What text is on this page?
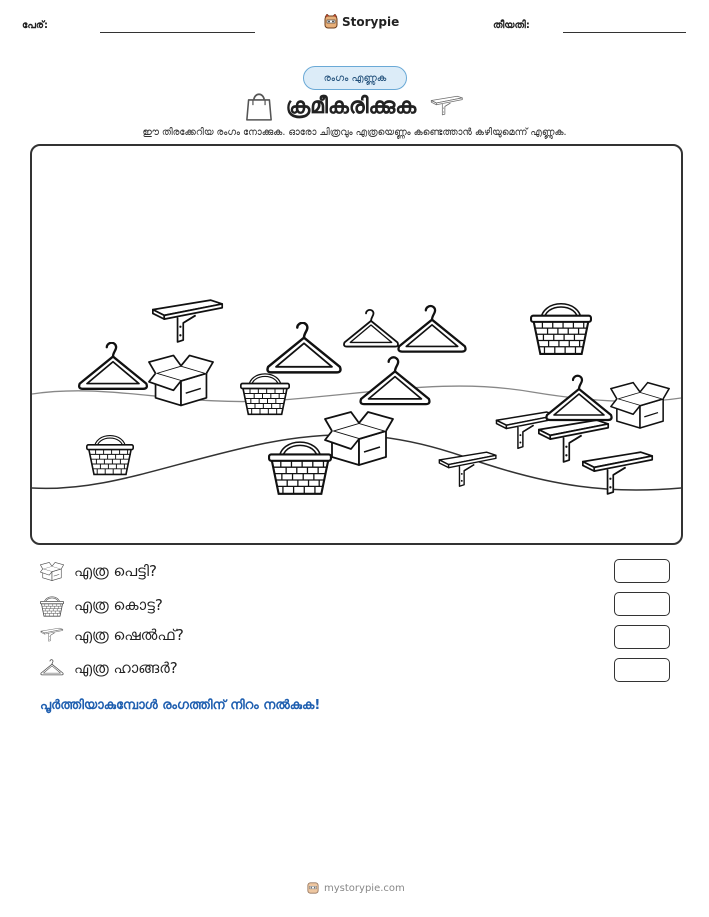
പേര്:	Storypie	തീയതി:
രംഗം എണ്ണുക
ക്രമീകരിക്കുക
ഈ തിരക്കേറിയ രംഗം നോക്കുക. ഓരോ ചിത്രവും എത്രയെണ്ണം കണ്ടെത്താൻ കഴിയുമെന്ന് എണ്ണുക.
എത്ര പെട്ടി?
എത്ര കൊട്ട?
എത്ര ഷെൽഫ്?
എത്ര ഹാങ്ങർ?
പൂർത്തിയാകുമ്പോൾ രംഗത്തിന് നിറം നൽകുക!
mystorypie.com
